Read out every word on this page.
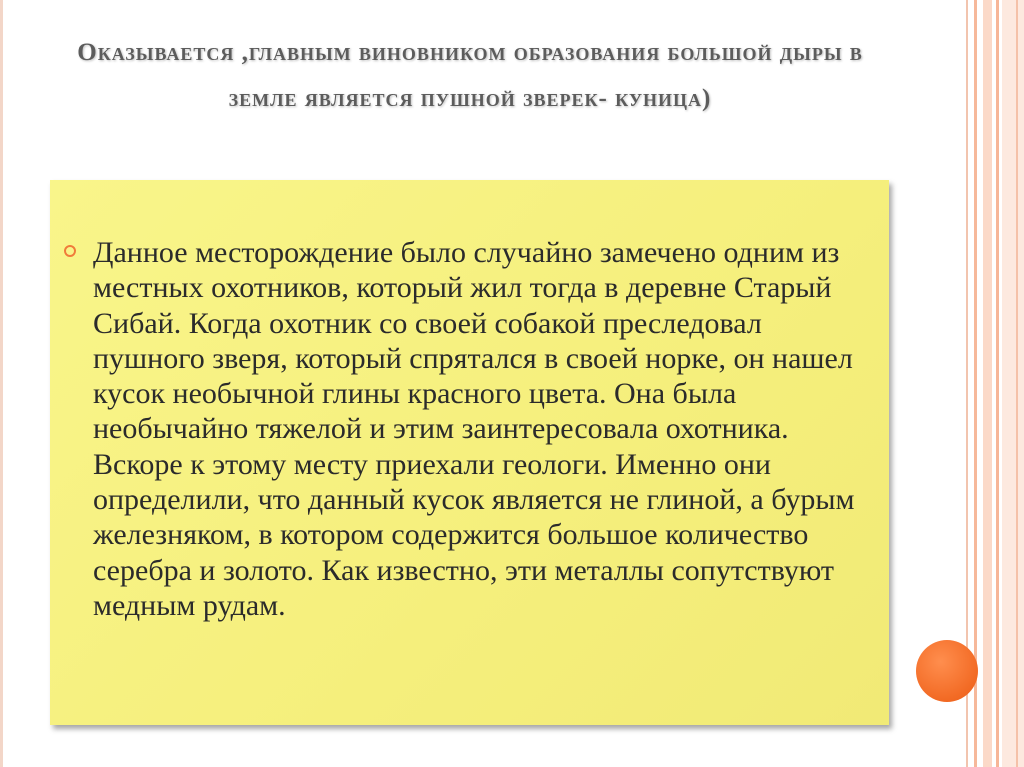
Оказывается ,главным виновником образования большой дыры в земле является пушной зверек- куница)

Данное месторождение было случайно замечено одним из местных охотников, который жил тогда в деревне Старый Сибай. Когда охотник со своей собакой преследовал пушного зверя, который спрятался в своей норке, он нашел кусок необычной глины красного цвета. Она была необычайно тяжелой и этим заинтересовала охотника. Вскоре к этому месту приехали геологи. Именно они определили, что данный кусок является не глиной, а бурым железняком, в котором содержится большое количество серебра и золото. Как известно, эти металлы сопутствуют медным рудам.
